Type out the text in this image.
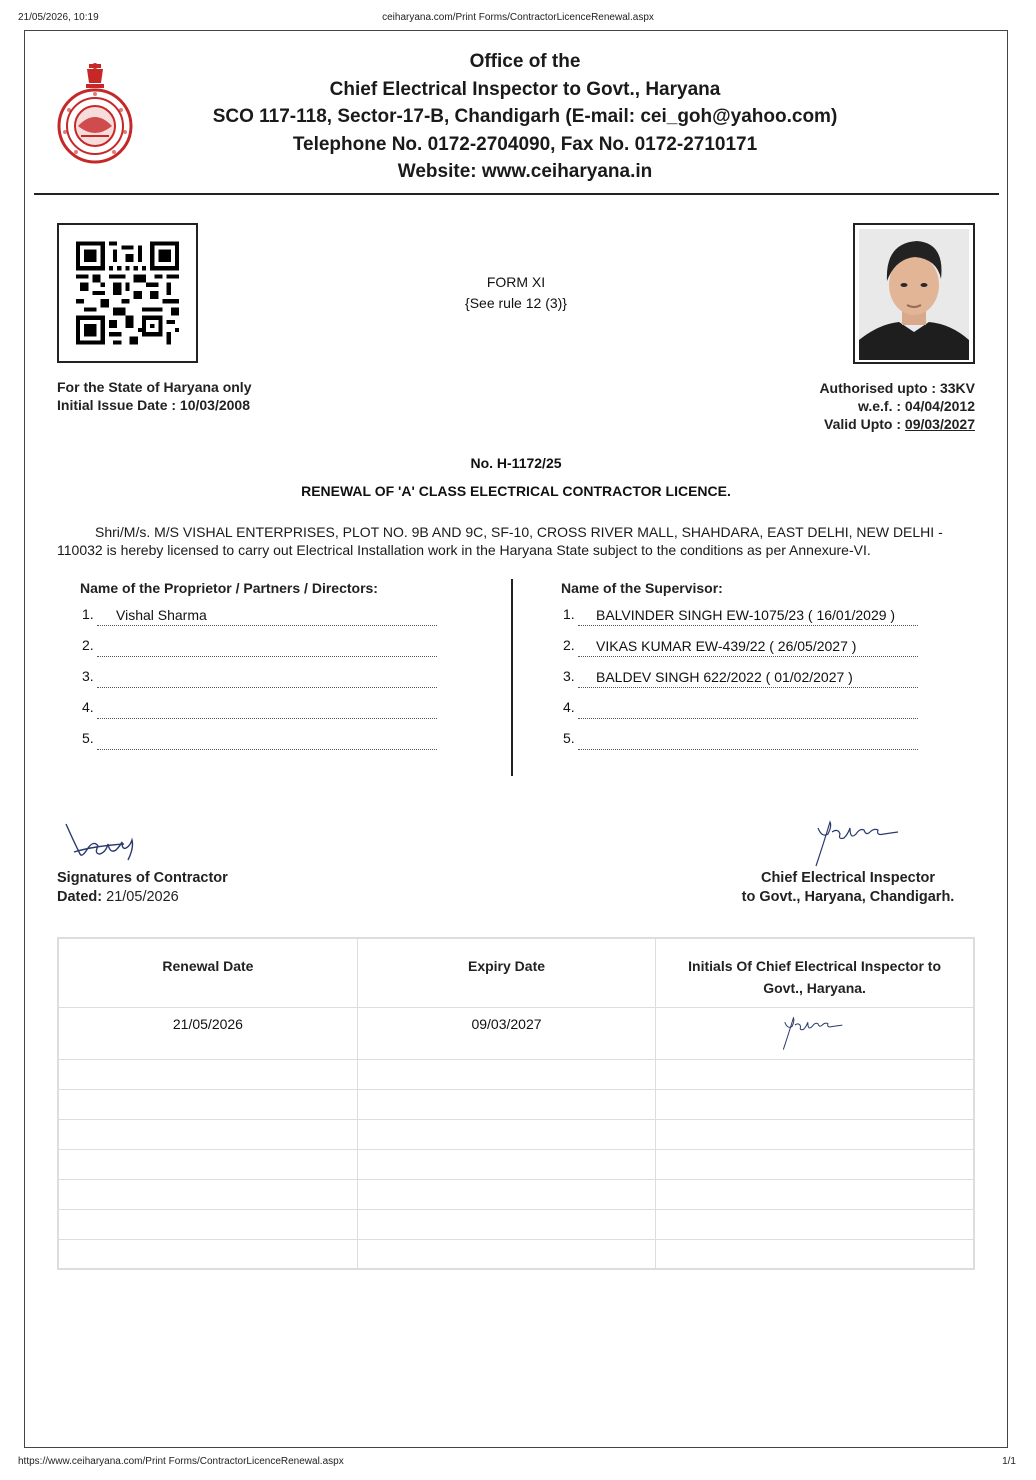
21/05/2026, 10:19	ceiharyana.com/Print Forms/ContractorLicenceRenewal.aspx
Office of the
Chief Electrical Inspector to Govt., Haryana
SCO 117-118, Sector-17-B, Chandigarh (E-mail: cei_goh@yahoo.com)
Telephone No. 0172-2704090, Fax No. 0172-2710171
Website: www.ceiharyana.in
FORM XI
{See rule 12 (3)}
For the State of Haryana only
Initial Issue Date : 10/03/2008
Authorised upto : 33KV
w.e.f. : 04/04/2012
Valid Upto : 09/03/2027
No. H-1172/25
RENEWAL OF 'A' CLASS ELECTRICAL CONTRACTOR LICENCE.
Shri/M/s. M/S VISHAL ENTERPRISES, PLOT NO. 9B AND 9C, SF-10, CROSS RIVER MALL, SHAHDARA, EAST DELHI, NEW DELHI - 110032 is hereby licensed to carry out Electrical Installation work in the Haryana State subject to the conditions as per Annexure-VI.
Name of the Proprietor / Partners / Directors:
1.	Vishal Sharma
2.
3.
4.
5.
Name of the Supervisor:
1.	BALVINDER SINGH EW-1075/23 ( 16/01/2029 )
2.	VIKAS KUMAR EW-439/22 ( 26/05/2027 )
3.	BALDEV SINGH 622/2022 ( 01/02/2027 )
4.
5.
Signatures of Contractor
Dated: 21/05/2026
Chief Electrical Inspector
to Govt., Haryana, Chandigarh.
Renewal Date	Expiry Date	Initials Of Chief Electrical Inspector to Govt., Haryana.
21/05/2026	09/03/2027	

https://www.ceiharyana.com/Print Forms/ContractorLicenceRenewal.aspx	1/1
